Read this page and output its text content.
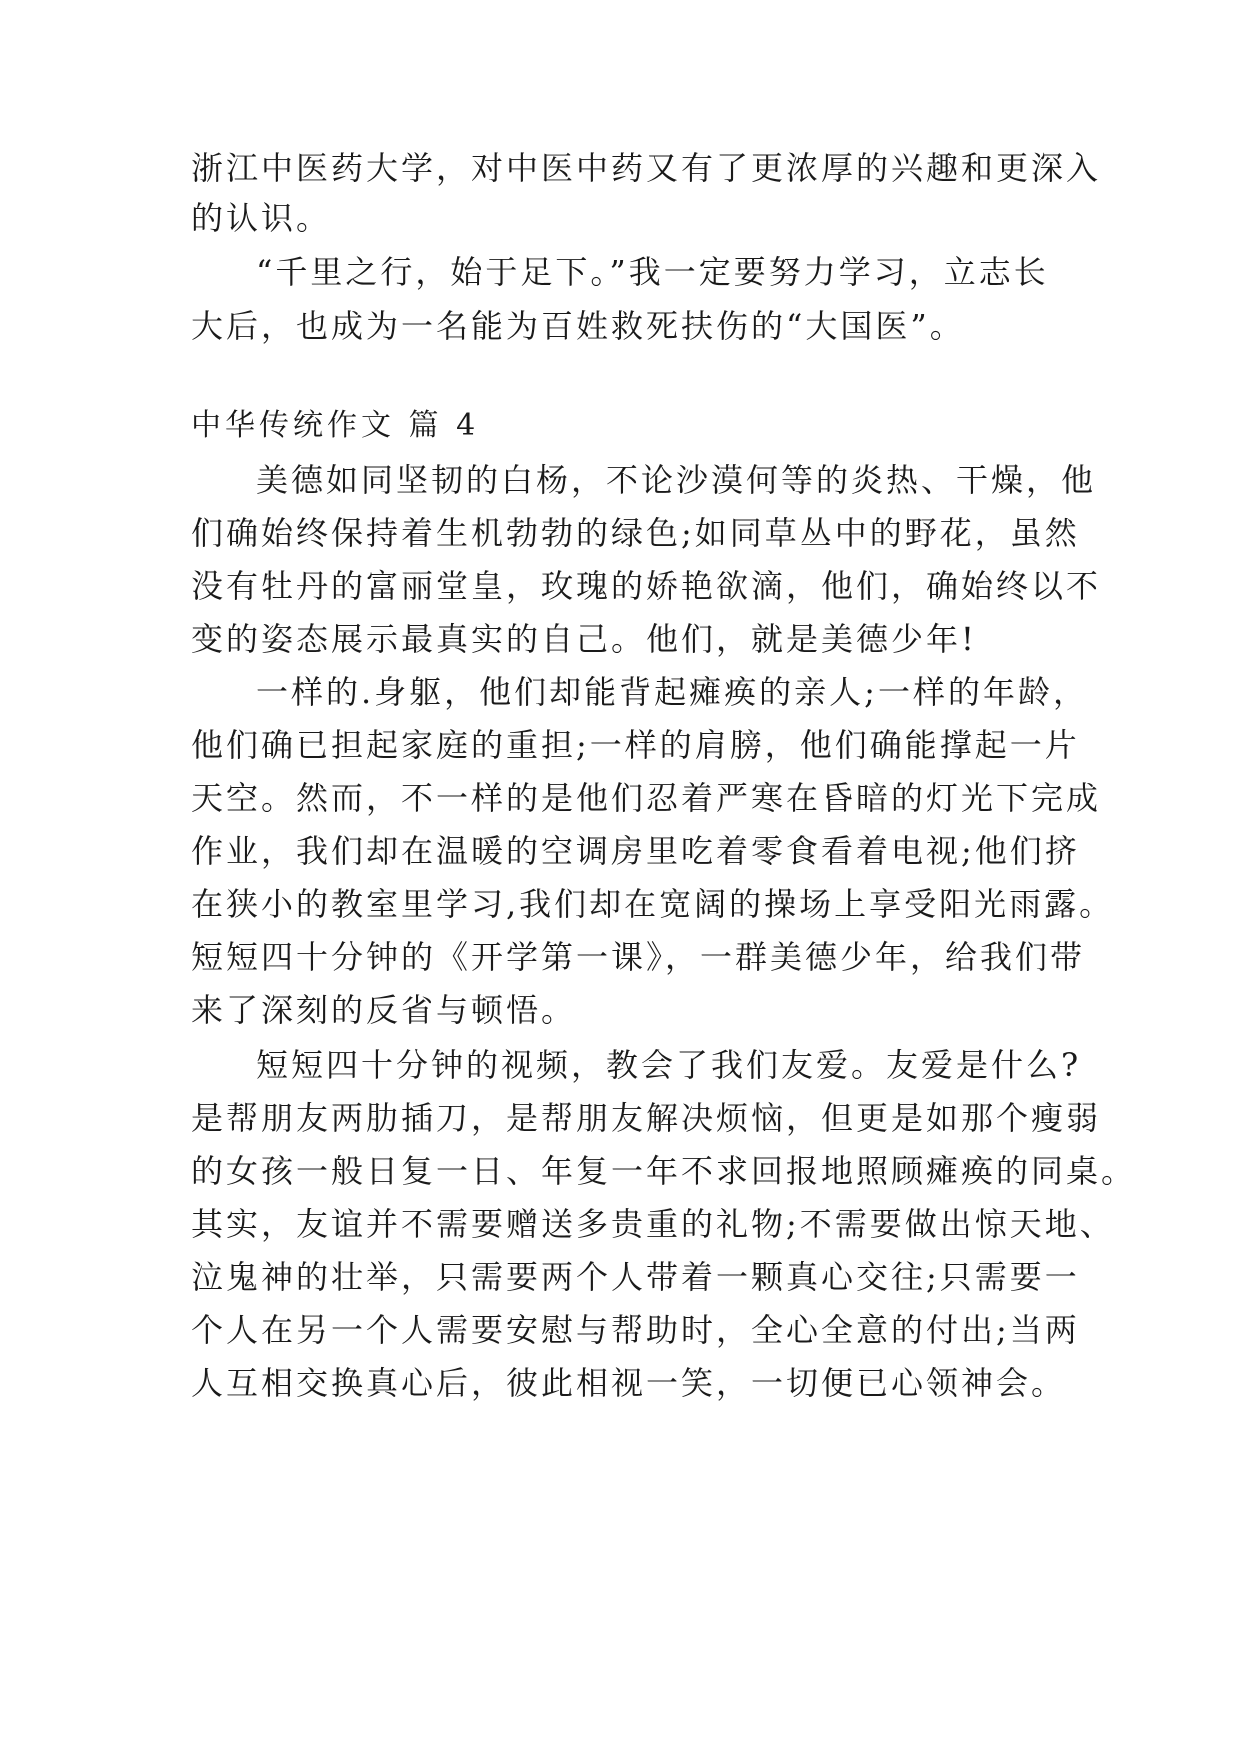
浙江中医药大学，对中医中药又有了更浓厚的兴趣和更深入
的认识。
“千里之行，始于足下。”我一定要努力学习，立志长
大后，也成为一名能为百姓救死扶伤的“大国医”。
中华传统作文 篇 4
美德如同坚韧的白杨，不论沙漠何等的炎热、干燥，他
们确始终保持着生机勃勃的绿色;如同草丛中的野花，虽然
没有牡丹的富丽堂皇，玫瑰的娇艳欲滴，他们，确始终以不
变的姿态展示最真实的自己。他们，就是美德少年!
一样的.身躯，他们却能背起瘫痪的亲人;一样的年龄，
他们确已担起家庭的重担;一样的肩膀，他们确能撑起一片
天空。然而，不一样的是他们忍着严寒在昏暗的灯光下完成
作业，我们却在温暖的空调房里吃着零食看着电视;他们挤
在狭小的教室里学习,我们却在宽阔的操场上享受阳光雨露。
短短四十分钟的《开学第一课》，一群美德少年，给我们带
来了深刻的反省与顿悟。
短短四十分钟的视频，教会了我们友爱。友爱是什么?
是帮朋友两肋插刀，是帮朋友解决烦恼，但更是如那个瘦弱
的女孩一般日复一日、年复一年不求回报地照顾瘫痪的同桌。
其实，友谊并不需要赠送多贵重的礼物;不需要做出惊天地、
泣鬼神的壮举，只需要两个人带着一颗真心交往;只需要一
个人在另一个人需要安慰与帮助时，全心全意的付出;当两
人互相交换真心后，彼此相视一笑，一切便已心领神会。
